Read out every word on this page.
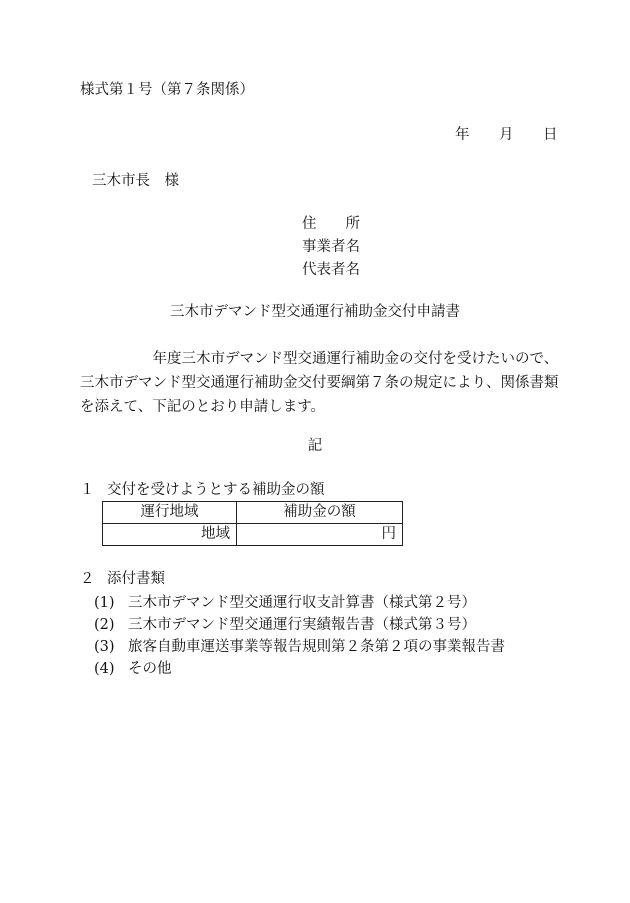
様式第１号（第７条関係）
年 月 日
三木市長　様
住　　所
事業者名
代表者名
三木市デマンド型交通運行補助金交付申請書

　　　　　年度三木市デマンド型交通運行補助金の交付を受けたいので、三木市デマンド型交通運行補助金交付要綱第７条の規定により、関係書類を添えて、下記のとおり申請します。

記
１ 交付を受けようとする補助金の額
運行地域	補助金の額
地域	円
２ 添付書類
(1) 三木市デマンド型交通運行収支計算書（様式第２号）
(2) 三木市デマンド型交通運行実績報告書（様式第３号）
(3) 旅客自動車運送事業等報告規則第２条第２項の事業報告書
(4) その他
